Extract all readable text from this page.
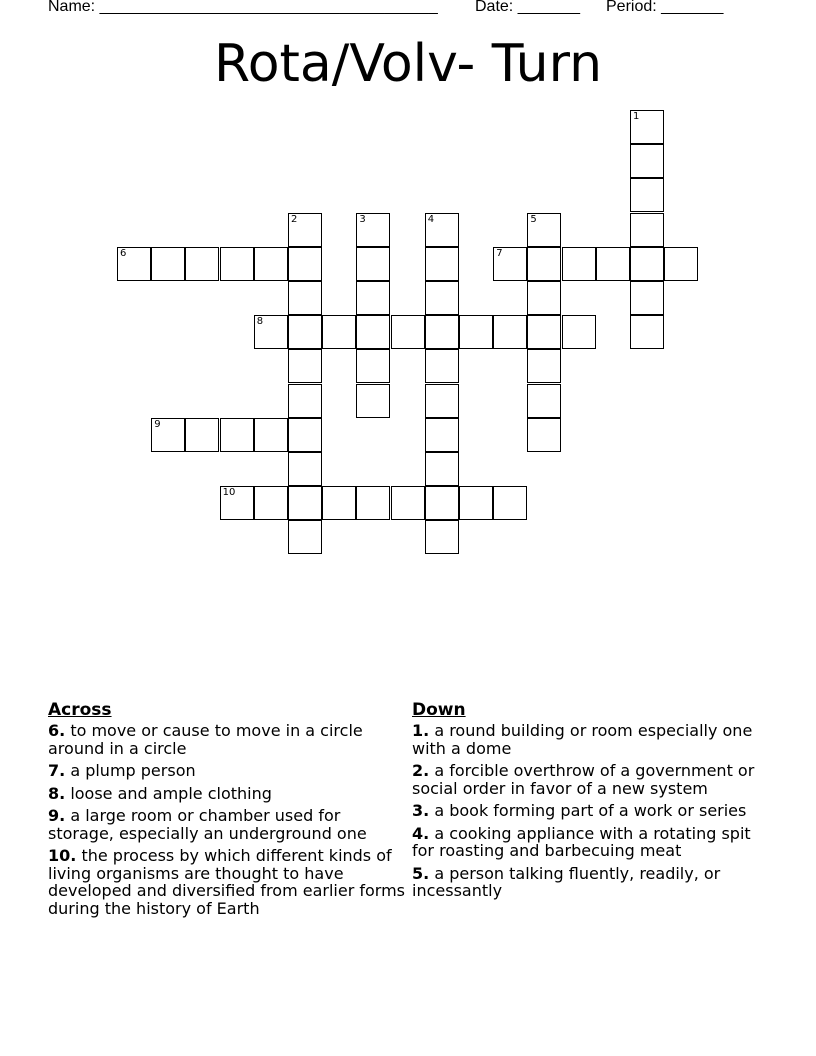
Name: ______________________________________ Date: _______ Period: _______
Rota/Volv- Turn
1
2	3	4	5
6	7
8
9
10
Across
6. to move or cause to move in a circle around in a circle
7. a plump person
8. loose and ample clothing
9. a large room or chamber used for storage, especially an underground one
10. the process by which different kinds of living organisms are thought to have developed and diversified from earlier forms during the history of Earth
Down
1. a round building or room especially one with a dome
2. a forcible overthrow of a government or social order in favor of a new system
3. a book forming part of a work or series
4. a cooking appliance with a rotating spit for roasting and barbecuing meat
5. a person talking fluently, readily, or incessantly
